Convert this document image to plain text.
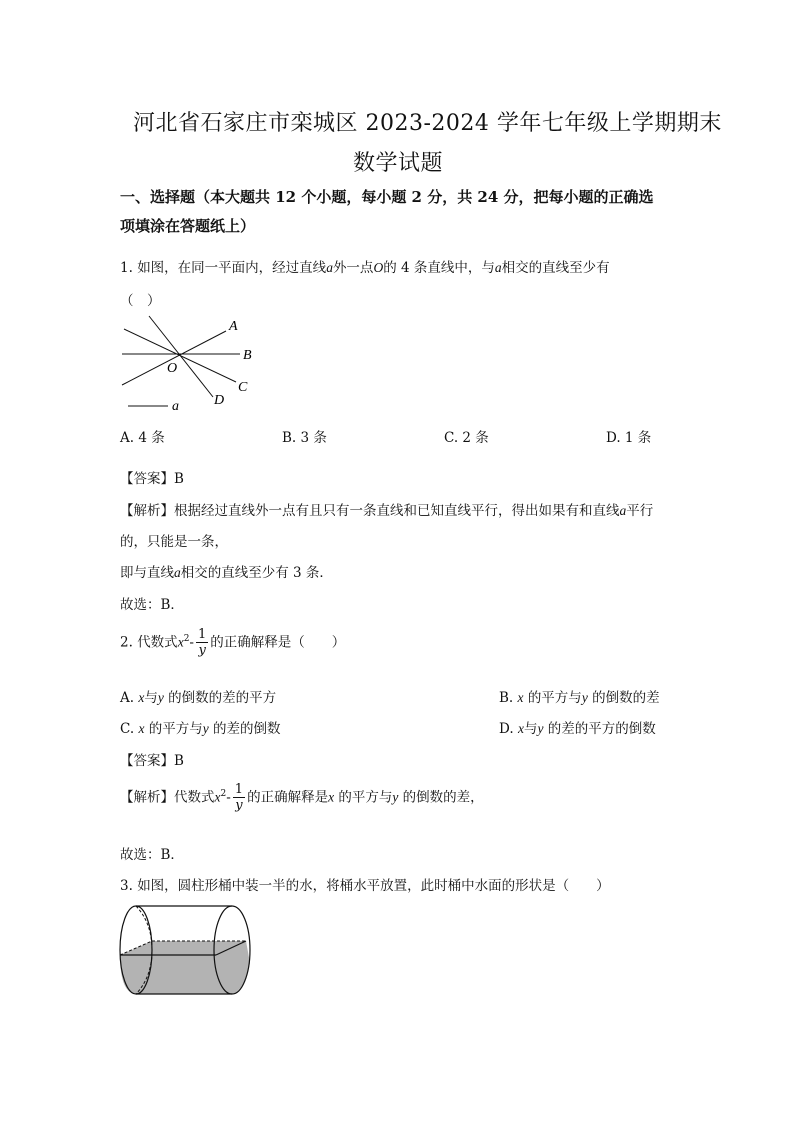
河北省石家庄市栾城区 2023-2024 学年七年级上学期期末
数学试题
一、选择题（本大题共 12 个小题，每小题 2 分，共 24 分，把每小题的正确选
项填涂在答题纸上）
1. 如图，在同一平面内，经过直线a外一点O的 4 条直线中，与a相交的直线至少有
（　）
A
B
C
D
O
a
A. 4 条	B. 3 条	C. 2 条	D. 1 条
【答案】B
【解析】根据经过直线外一点有且只有一条直线和已知直线平行，得出如果有和直线a平行
的，只能是一条，
即与直线a相交的直线至少有 3 条．
故选：B．
2. 代数式$x^2- \frac{1}{y}$ 的正确解释是（　　）
A. x与y 的倒数的差的平方	B. x 的平方与y 的倒数的差
C. x 的平方与y 的差的倒数	D. x与y 的差的平方的倒数
【答案】B
【解析】代数式$x^2- \frac{1}{y}$ 的正确解释是x 的平方与y 的倒数的差，
故选：B．
3. 如图，圆柱形桶中装一半的水，将桶水平放置，此时桶中水面的形状是（　　）
